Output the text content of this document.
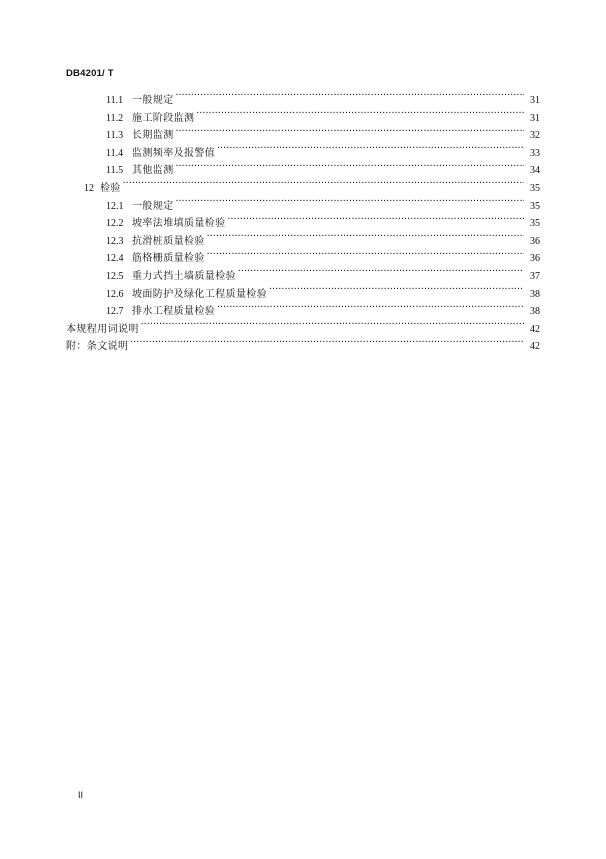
DB4201/ T
11.1 一般规定 .....	31
11.2 施工阶段监测 .....	31
11.3 长期监测 .....	32
11.4 监测频率及报警值 .....	33
11.5 其他监测 .....	34
12 检验 .....	35
12.1 一般规定 .....	35
12.2 坡率法堆填质量检验 .....	35
12.3 抗滑桩质量检验 .....	36
12.4 筋格栅质量检验 .....	36
12.5 重力式挡土墙质量检验 .....	37
12.6 坡面防护及绿化工程质量检验 .....	38
12.7 排水工程质量检验 .....	38
本规程用词说明 .....	42
附：条文说明 .....	42
II
